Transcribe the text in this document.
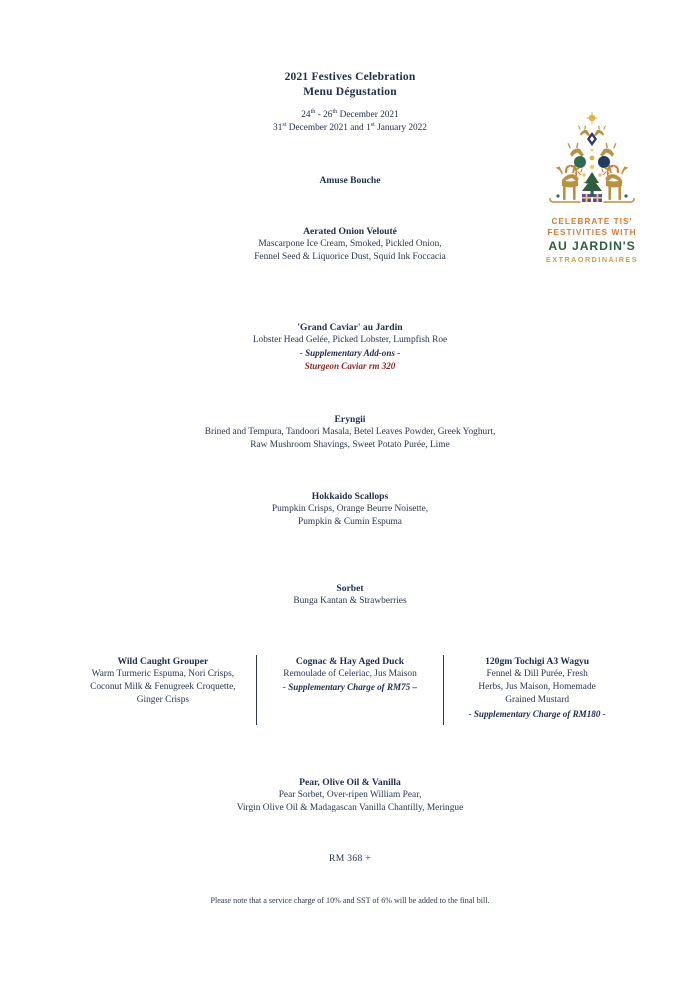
2021 Festives Celebration
Menu Dégustation
24th - 26th December 2021
31st December 2021 and 1st January 2022
CELEBRATE TIS'
FESTIVITIES WITH
AU JARDIN'S
EXTRAORDINAIRES
Amuse Bouche
Aerated Onion Velouté
Mascarpone Ice Cream, Smoked, Pickled Onion,
Fennel Seed & Liquorice Dust, Squid Ink Foccacia
'Grand Caviar' au Jardin
Lobster Head Gelée, Picked Lobster, Lumpfish Roe
- Supplementary Add-ons -
Sturgeon Caviar rm 320
Eryngii
Brined and Tempura, Tandoori Masala, Betel Leaves Powder, Greek Yoghurt,
Raw Mushroom Shavings, Sweet Potato Purée, Lime
Hokkaido Scallops
Pumpkin Crisps, Orange Beurre Noisette,
Pumpkin & Cumin Espuma
Sorbet
Bunga Kantan & Strawberries
Wild Caught Grouper
Warm Turmeric Espuma, Nori Crisps,
Coconut Milk & Fenugreek Croquette,
Ginger Crisps
Cognac & Hay Aged Duck
Remoulade of Celeriac, Jus Maison
- Supplementary Charge of RM75 –
120gm Tochigi A3 Wagyu
Fennel & Dill Purée, Fresh
Herbs, Jus Maison, Homemade
Grained Mustard
- Supplementary Charge of RM180 -
Pear, Olive Oil & Vanilla
Pear Sorbet, Over-ripen William Pear,
Virgin Olive Oil & Madagascan Vanilla Chantilly, Meringue
RM 368 +
Please note that a service charge of 10% and SST of 6% will be added to the final bill.
